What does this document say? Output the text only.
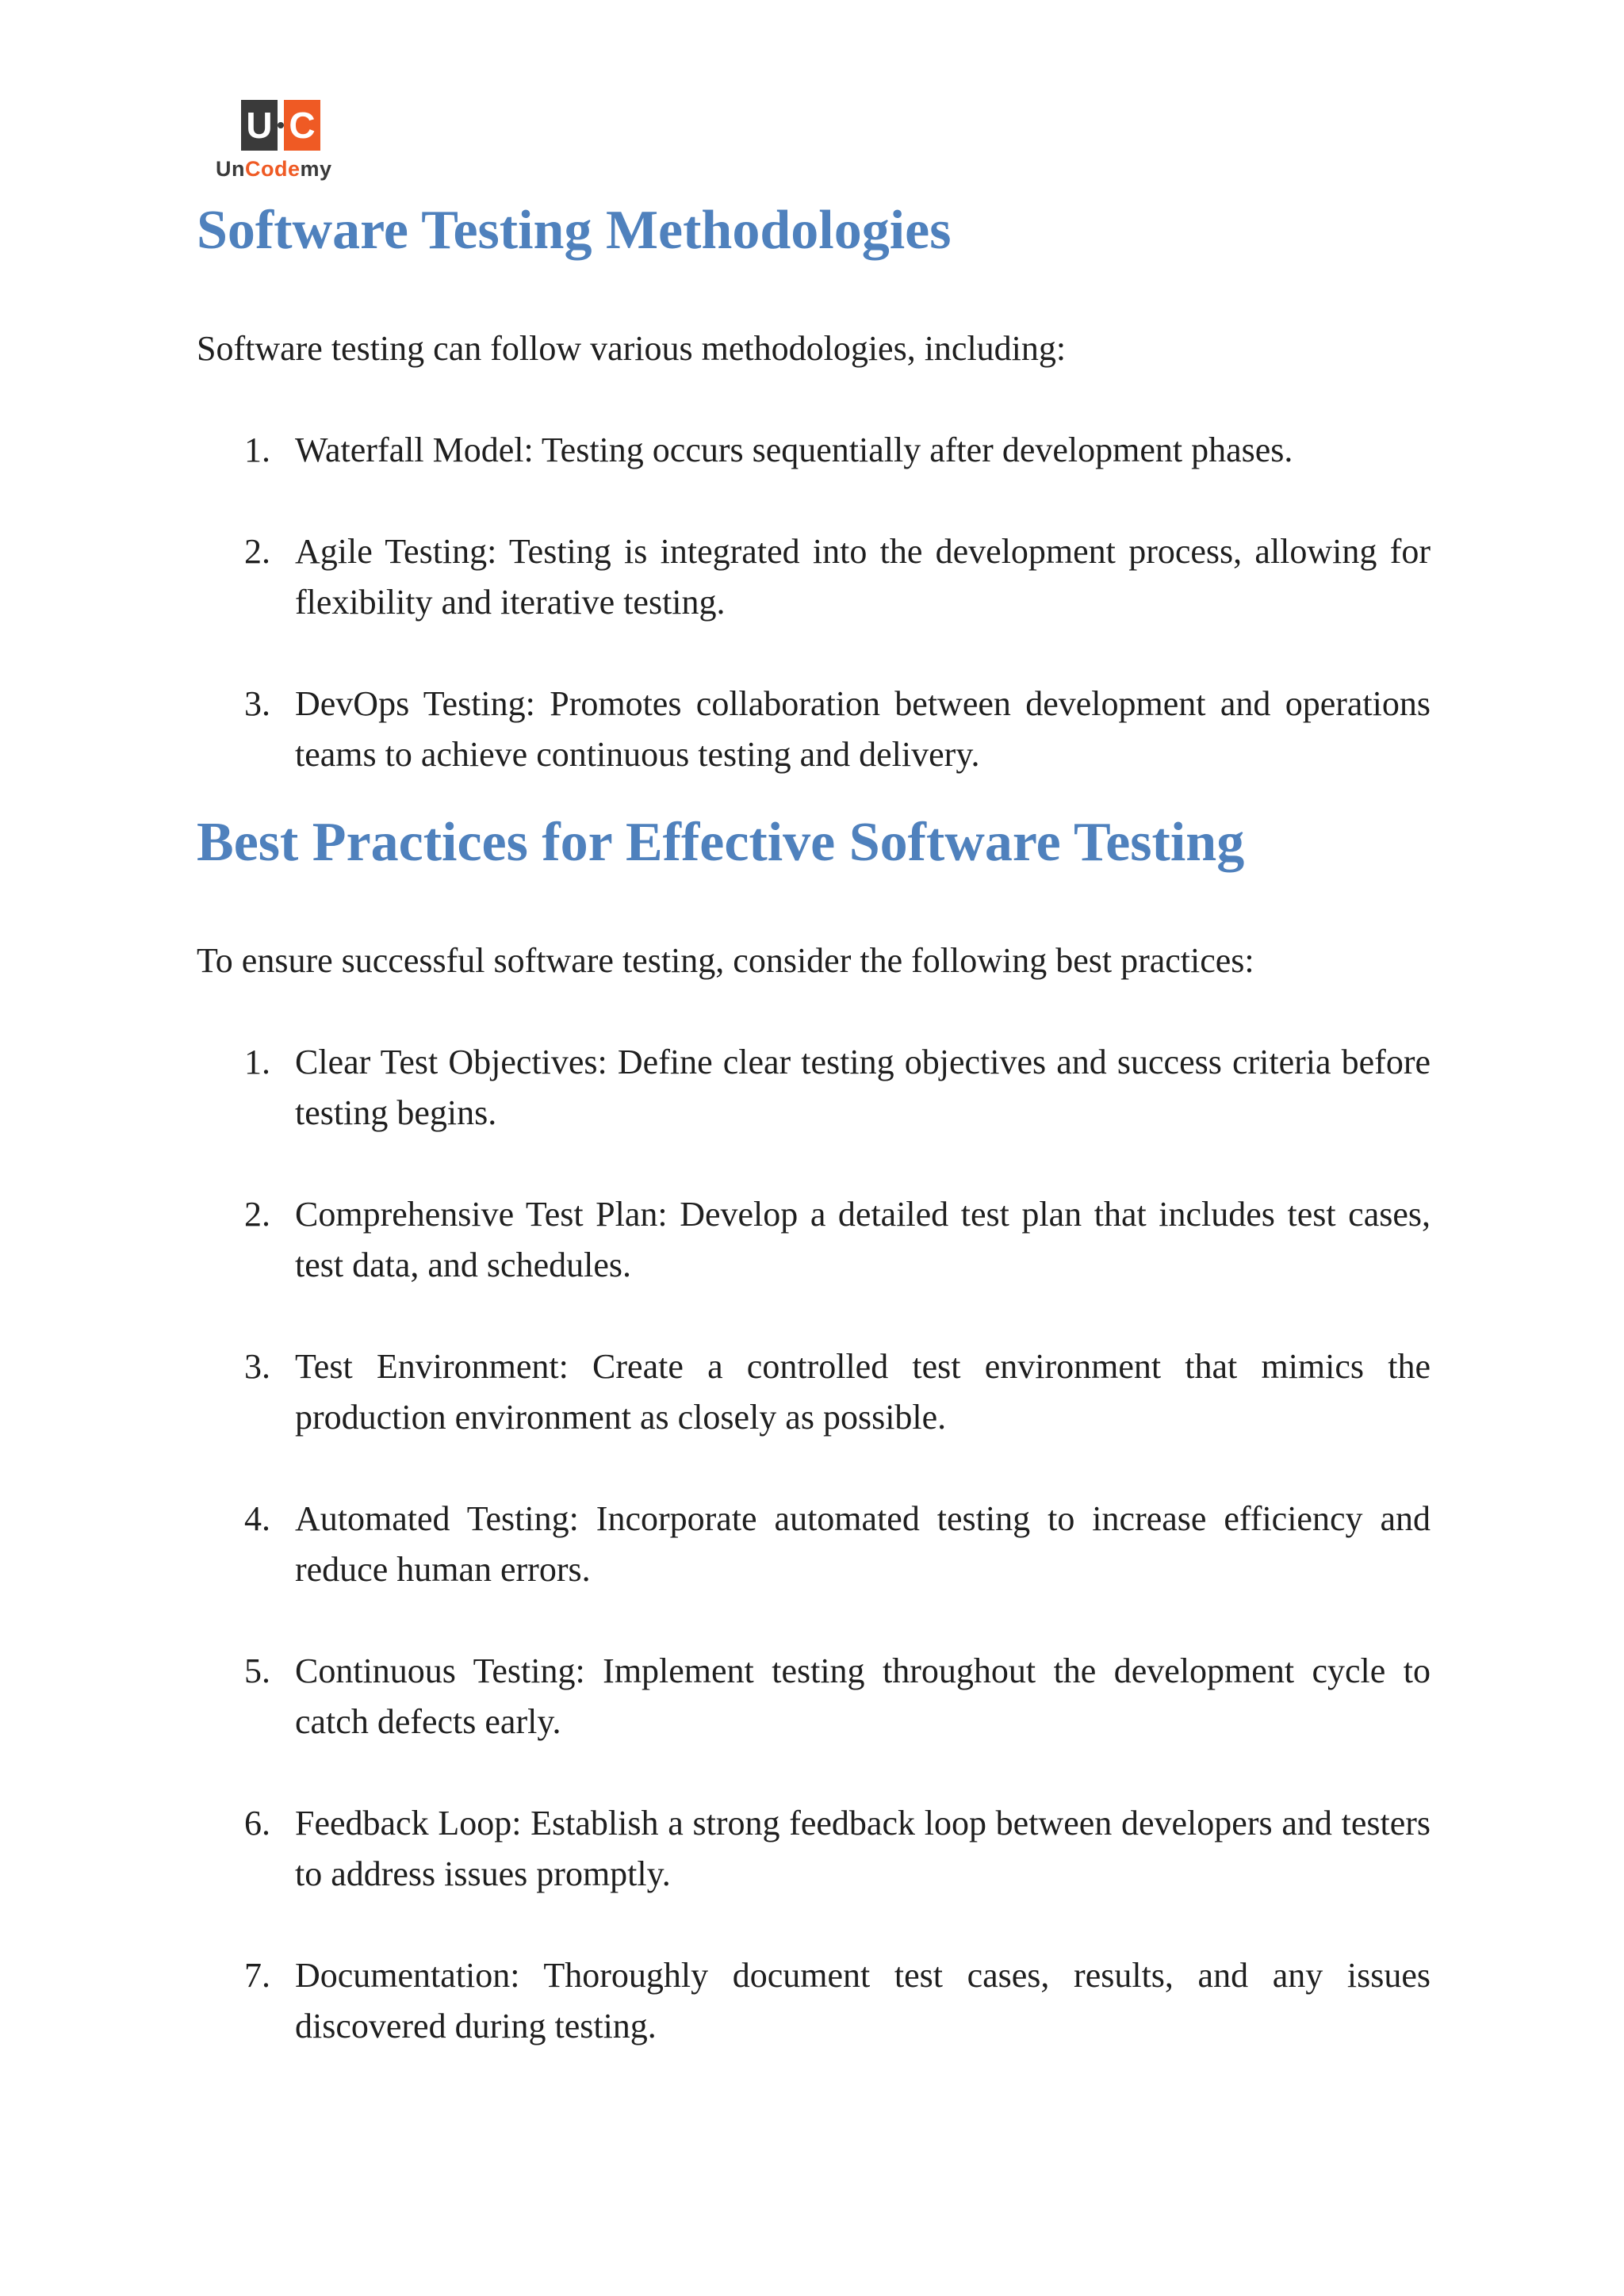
U C
UnCodemy
Software Testing Methodologies

Software testing can follow various methodologies, including:

1. Waterfall Model: Testing occurs sequentially after development phases.
2. Agile Testing: Testing is integrated into the development process, allowing for flexibility and iterative testing.
3. DevOps Testing: Promotes collaboration between development and operations teams to achieve continuous testing and delivery.
Best Practices for Effective Software Testing

To ensure successful software testing, consider the following best practices:

1. Clear Test Objectives: Define clear testing objectives and success criteria before testing begins.
2. Comprehensive Test Plan: Develop a detailed test plan that includes test cases, test data, and schedules.
3. Test Environment: Create a controlled test environment that mimics the production environment as closely as possible.
4. Automated Testing: Incorporate automated testing to increase efficiency and reduce human errors.
5. Continuous Testing: Implement testing throughout the development cycle to catch defects early.
6. Feedback Loop: Establish a strong feedback loop between developers and testers to address issues promptly.
7. Documentation: Thoroughly document test cases, results, and any issues discovered during testing.
